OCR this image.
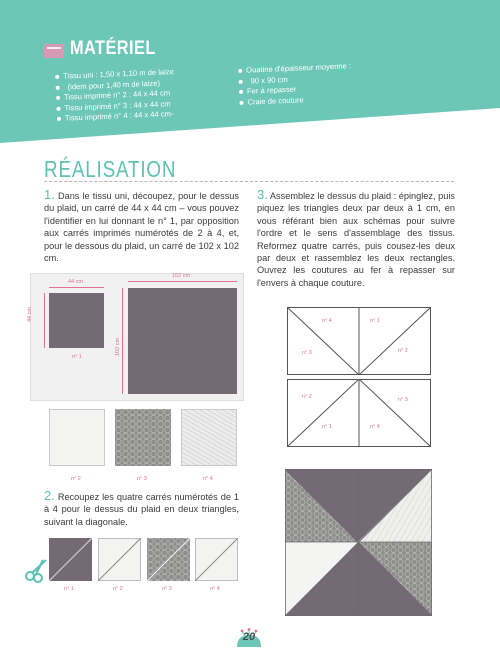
MATÉRIEL
Tissu uni : 1,50 x 1,10 m de laize
(idem pour 1,40 m de laize)
Tissu imprimé n° 2 : 44 x 44 cm
Tissu imprimé n° 3 : 44 x 44 cm
Tissu imprimé n° 4 : 44 x 44 cm-
Ouatine d'épaisseur moyenne :
90 x 90 cm
Fer à repasser
Craie de couture
RÉALISATION
1. Dans le tissu uni, découpez, pour le dessus du plaid, un carré de 44 x 44 cm – vous pouvez l'identifier en lui donnant le n° 1, par opposition aux carrés imprimés numérotés de 2 à 4, et, pour le dessous du plaid, un carré de 102 x 102 cm.
3. Assemblez le dessus du plaid : épinglez, puis piquez les triangles deux par deux à 1 cm, en vous référant bien aux schémas pour suivre l'ordre et le sens d'assemblage des tissus. Reformez quatre carrés, puis cousez-les deux par deux et rassemblez les deux rectangles. Ouvrez les coutures au fer à repasser sur l'envers à chaque couture.
2. Recoupez les quatre carrés numérotés de 1 à 4 pour le dessus du plaid en deux triangles, suivant la diagonale.
44 cm
44 cm
n° 1
102 cm
102 cm
n° 2	n° 3	n° 4
n° 1	n° 2	n° 3	n° 4
n° 4	n° 1
n° 3	n° 2
n° 2	n° 3
n° 1	n° 4
20
